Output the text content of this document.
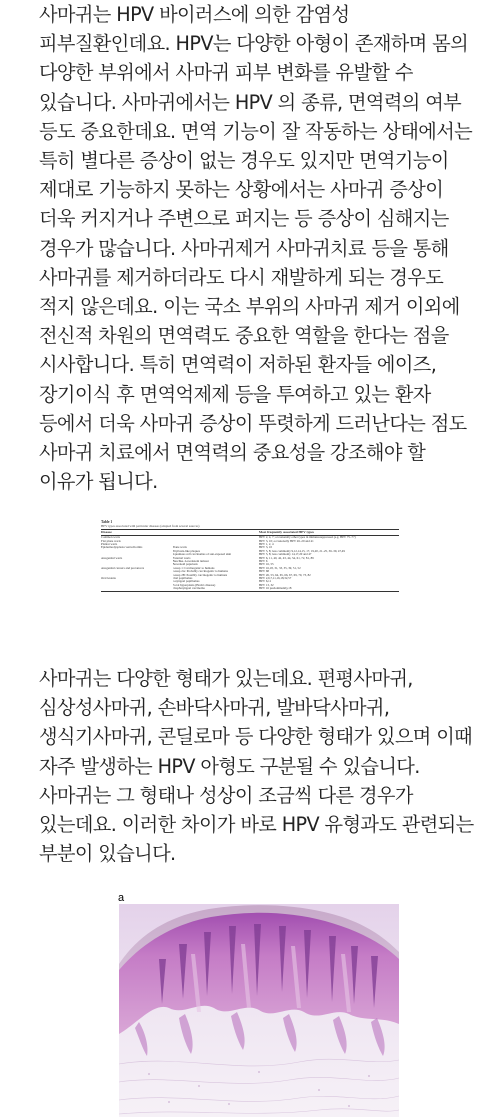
사마귀는 HPV 바이러스에 의한 감염성 피부질환인데요. HPV는 다양한 아형이 존재하며 몸의 다양한 부위에서 사마귀 피부 변화를 유발할 수 있습니다. 사마귀에서는 HPV 의 종류, 면역력의 여부 등도 중요한데요. 면역 기능이 잘 작동하는 상태에서는 특히 별다른 증상이 없는 경우도 있지만 면역기능이 제대로 기능하지 못하는 상황에서는 사마귀 증상이 더욱 커지거나 주변으로 퍼지는 등 증상이 심해지는 경우가 많습니다. 사마귀제거 사마귀치료 등을 통해 사마귀를 제거하더라도 다시 재발하게 되는 경우도 적지 않은데요. 이는 국소 부위의 사마귀 제거 이외에 전신적 차원의 면역력도 중요한 역할을 한다는 점을 시사합니다. 특히 면역력이 저하된 환자들 에이즈, 장기이식 후 면역억제제 등을 투여하고 있는 환자 등에서 더욱 사마귀 증상이 뚜렷하게 드러난다는 점도 사마귀 치료에서 면역력의 중요성을 강조해야 할 이유가 됩니다.

사마귀는 다양한 형태가 있는데요. 편평사마귀, 심상성사마귀, 손바닥사마귀, 발바닥사마귀, 생식기사마귀, 콘딜로마 등 다양한 형태가 있으며 이때 자주 발생하는 HPV 아형도 구분될 수 있습니다. 사마귀는 그 형태나 성상이 조금씩 다른 경우가 있는데요. 이러한 차이가 바로 HPV 유형과도 관련되는 부분이 있습니다.

Table 1
HPV types associated with particular diseases (adapted from several sources)
Disease		Most frequently associated HPV types
Common warts		HPV 2, 4, 7; occasionally other types in immunosuppressed (e.g. HPV 75–77)
Flat plane warts		HPV 3, 10; occasionally HPV 26–29 and 41
Plantar warts		HPV 1, 2, 4
Epidermodysplasia verruciformis	Plane warts	HPV 3, 10
	Pityriasis-like plaques	HPV 5, 8; less commonly 9,12,14,15, 17, 19,20, 21–25, 36–39, 47,49
	Squamous cell carcinomas of sun-exposed skin	HPV 5, 8; less commonly 14,17,20 and 47
Anogenital warts	External warts	HPV 6, 11, 40, 42, 43, 44, 54, 61, 72, 81, 89
	Buschke–Lowenstein tumour	HPV 6
	Bowenoid papulosis	HPV 16, 55
Anogenital cancers and precancers	Group 1: Carcinogenic to humans	HPV 16,18, 31, 33, 35, 39, 51, 52
	Group 2A: Probably carcinogenic to humans	HPV 68
	Group 2B: Possibly carcinogenic to humans	HPV 26, 53, 64, 65, 66, 67, 69, 70, 73, 82
Oral lesions	Oral papillomas	HPV 2,6,7,11,16,18,32,57
	Laryngeal papillomas	HPV 6,11
	Focal hyperplasia (Heck's disease)	HPV 13, 32
	Oropharyngeal carcinoma	HPV 16 predominantly,18
a
